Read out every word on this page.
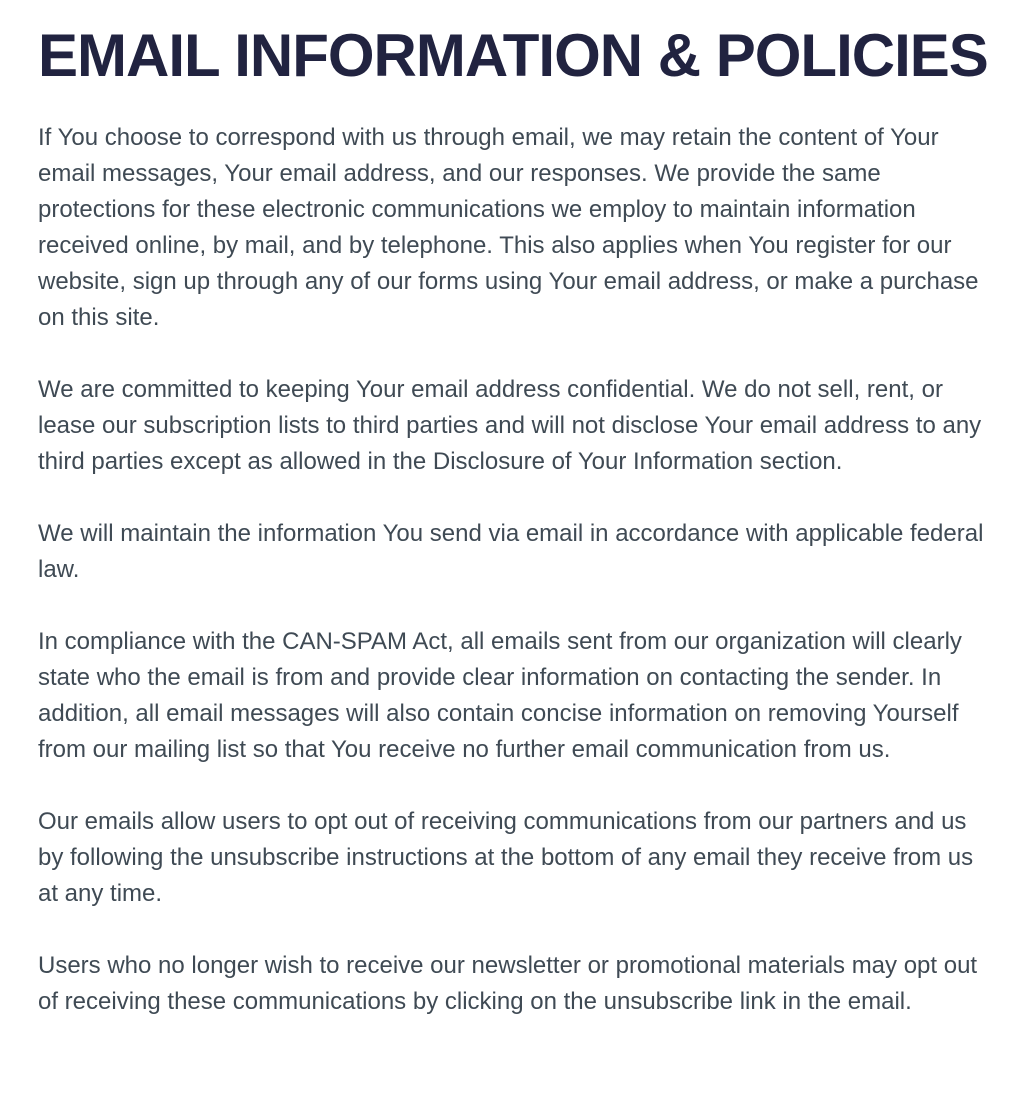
EMAIL INFORMATION & POLICIES

If You choose to correspond with us through email, we may retain the content of Your email messages, Your email address, and our responses. We provide the same protections for these electronic communications we employ to maintain information received online, by mail, and by telephone. This also applies when You register for our website, sign up through any of our forms using Your email address, or make a purchase on this site.

We are committed to keeping Your email address confidential. We do not sell, rent, or lease our subscription lists to third parties and will not disclose Your email address to any third parties except as allowed in the Disclosure of Your Information section.

We will maintain the information You send via email in accordance with applicable federal law.

In compliance with the CAN-SPAM Act, all emails sent from our organization will clearly state who the email is from and provide clear information on contacting the sender. In addition, all email messages will also contain concise information on removing Yourself from our mailing list so that You receive no further email communication from us.

Our emails allow users to opt out of receiving communications from our partners and us by following the unsubscribe instructions at the bottom of any email they receive from us at any time.

Users who no longer wish to receive our newsletter or promotional materials may opt out of receiving these communications by clicking on the unsubscribe link in the email.
